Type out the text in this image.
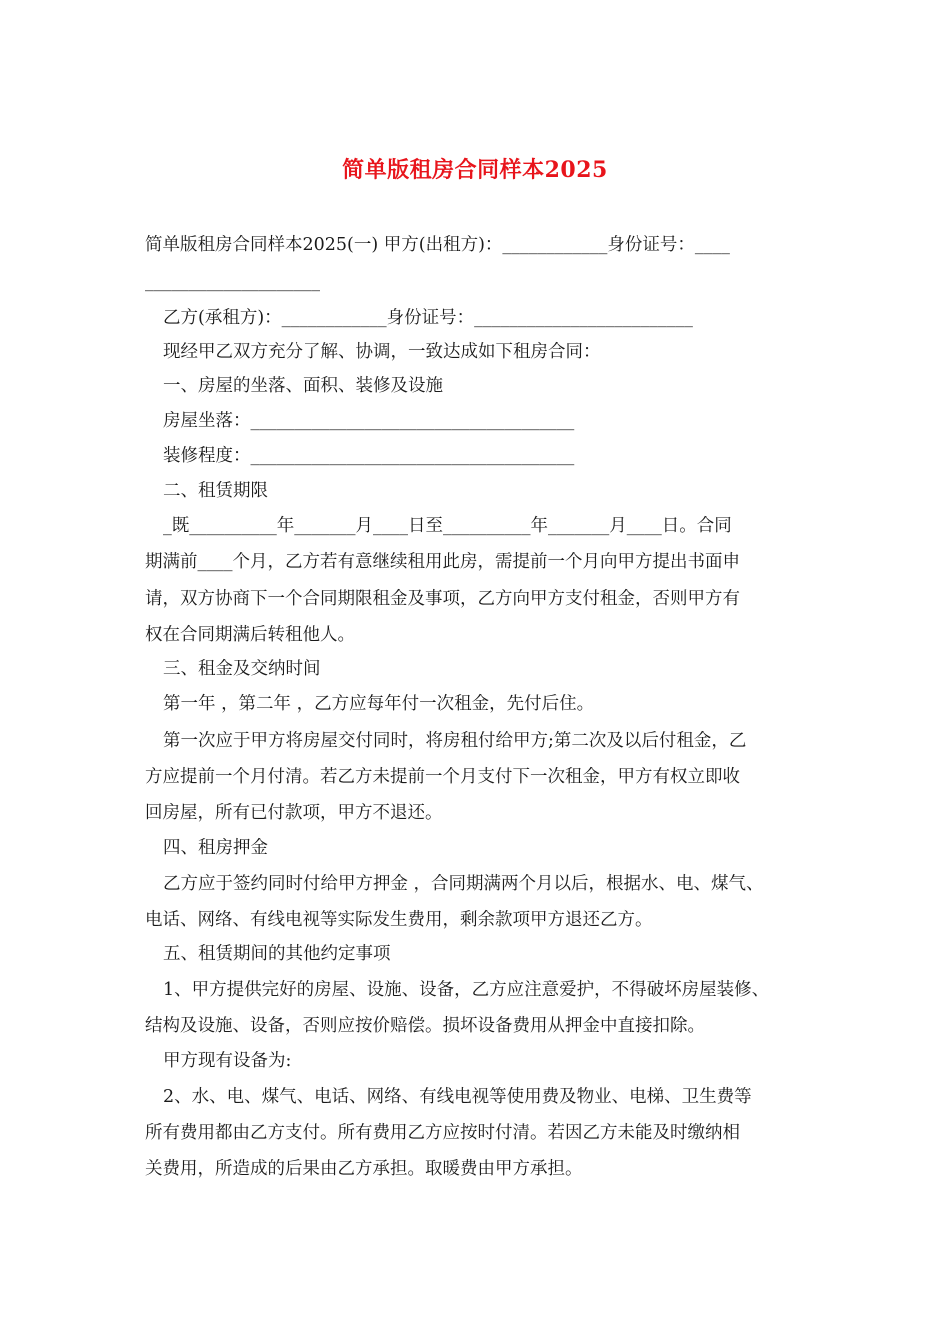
简单版租房合同样本2025
简单版租房合同样本2025(一) 甲方(出租方)：____________身份证号：____
____________________
乙方(承租方)：____________身份证号：_________________________
现经甲乙双方充分了解、协调，一致达成如下租房合同：
一、房屋的坐落、面积、装修及设施
房屋坐落：_____________________________________
装修程度：_____________________________________
二、租赁期限
_既__________年_______月____日至__________年_______月____日。合同
期满前____个月，乙方若有意继续租用此房，需提前一个月向甲方提出书面申
请，双方协商下一个合同期限租金及事项，乙方向甲方支付租金，否则甲方有
权在合同期满后转租他人。
三、租金及交纳时间
第一年 ，第二年 ，乙方应每年付一次租金，先付后住。
第一次应于甲方将房屋交付同时，将房租付给甲方;第二次及以后付租金，乙
方应提前一个月付清。若乙方未提前一个月支付下一次租金，甲方有权立即收
回房屋，所有已付款项，甲方不退还。
四、租房押金
乙方应于签约同时付给甲方押金 ，合同期满两个月以后，根据水、电、煤气、
电话、网络、有线电视等实际发生费用，剩余款项甲方退还乙方。
五、租赁期间的其他约定事项
1、甲方提供完好的房屋、设施、设备，乙方应注意爱护，不得破坏房屋装修、
结构及设施、设备，否则应按价赔偿。损坏设备费用从押金中直接扣除。
甲方现有设备为:
2、水、电、煤气、电话、网络、有线电视等使用费及物业、电梯、卫生费等
所有费用都由乙方支付。所有费用乙方应按时付清。若因乙方未能及时缴纳相
关费用，所造成的后果由乙方承担。取暖费由甲方承担。
